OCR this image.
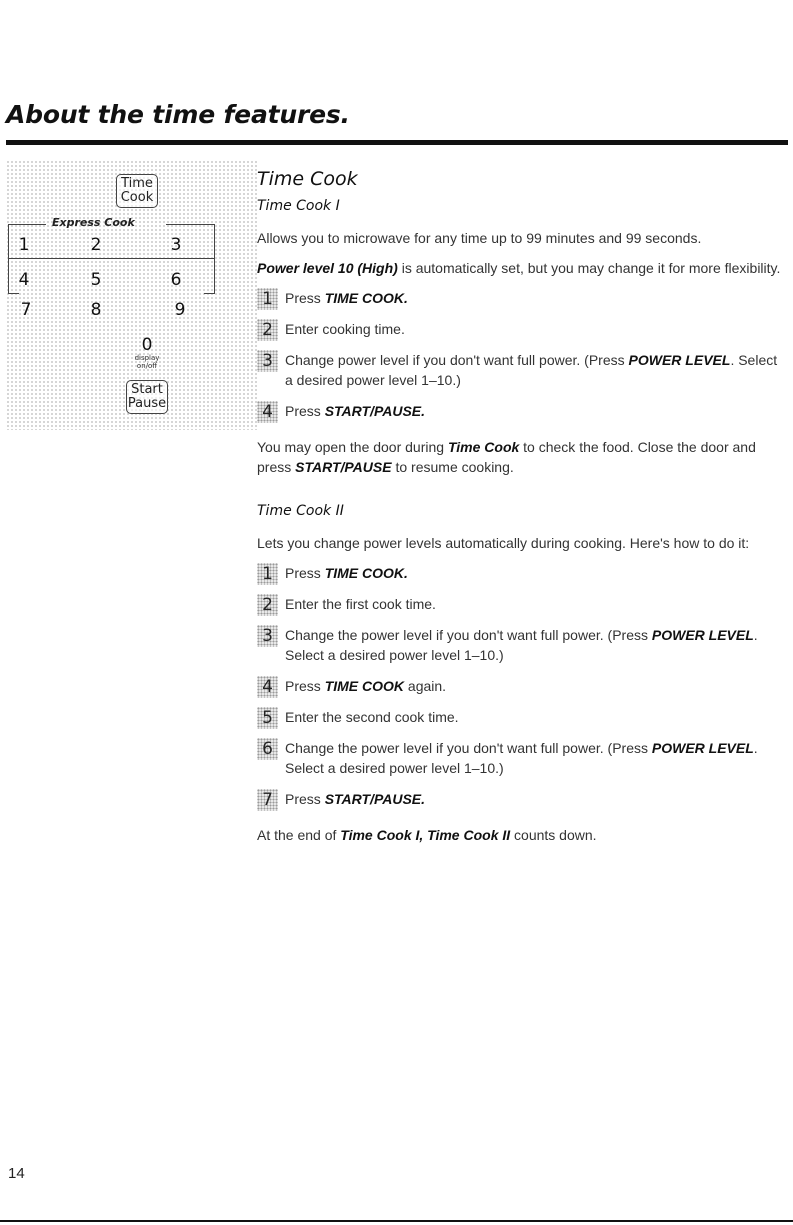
About the time features.
Time
Cook
Express Cook
1	2	3
4	5	6
7	8	9
0
display
on/off
Start
Pause
Time Cook
Time Cook I

Allows you to microwave for any time up to 99 minutes and 99 seconds.

Power level 10 (High) is automatically set, but you may change it for more flexibility.

1 Press TIME COOK.
2 Enter cooking time.
3 Change power level if you don't want full power. (Press POWER LEVEL. Select a desired power level 1–10.)
4 Press START/PAUSE.

You may open the door during Time Cook to check the food. Close the door and press START/PAUSE to resume cooking.

Time Cook II

Lets you change power levels automatically during cooking. Here's how to do it:

1 Press TIME COOK.
2 Enter the first cook time.
3 Change the power level if you don't want full power. (Press POWER LEVEL. Select a desired power level 1–10.)
4 Press TIME COOK again.
5 Enter the second cook time.
6 Change the power level if you don't want full power. (Press POWER LEVEL. Select a desired power level 1–10.)
7 Press START/PAUSE.

At the end of Time Cook I, Time Cook II counts down.

14
